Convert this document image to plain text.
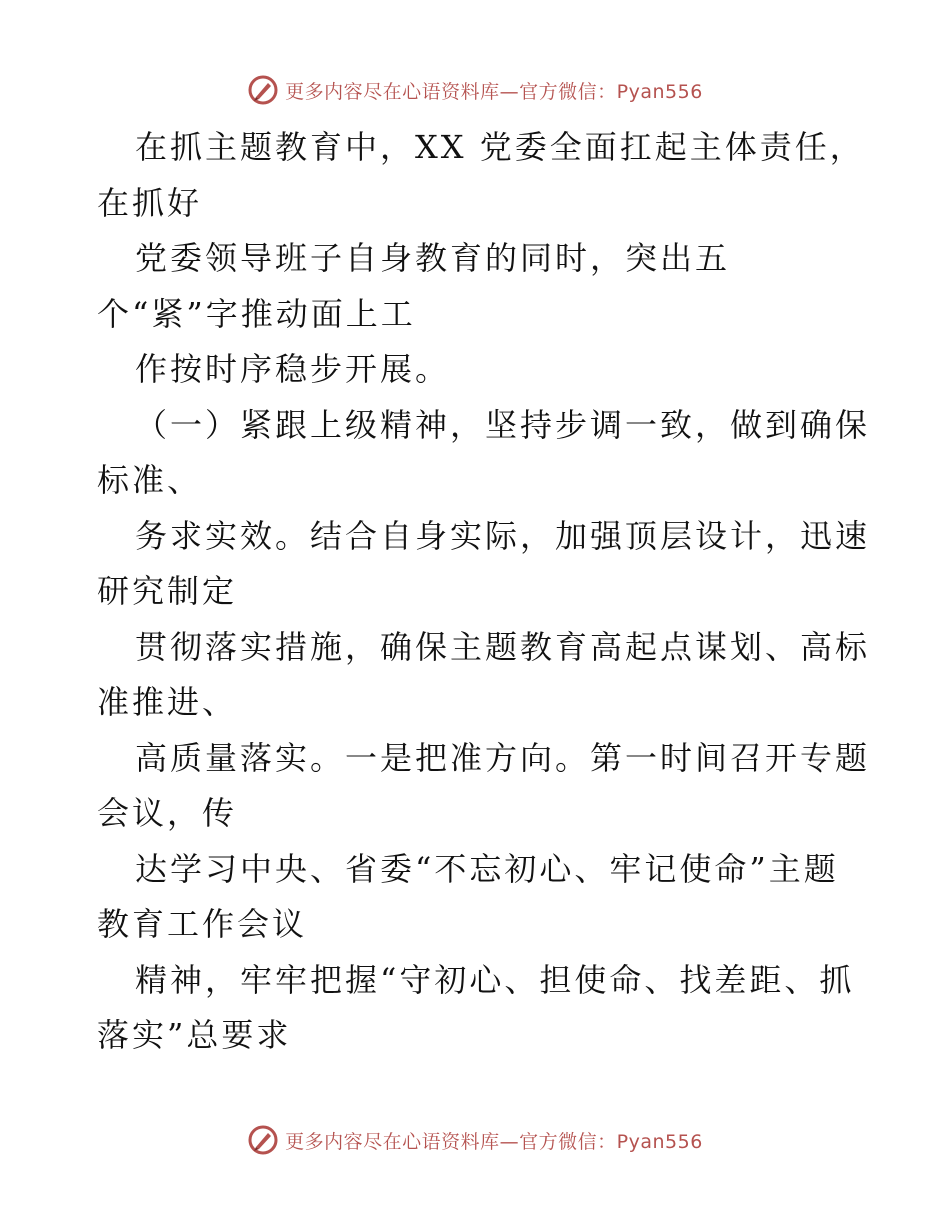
更多内容尽在心语资料库—官方微信：Pyan556
在抓主题教育中，XX 党委全面扛起主体责任，
在抓好
党委领导班子自身教育的同时，突出五
个“紧”字推动面上工
作按时序稳步开展。
（一）紧跟上级精神，坚持步调一致，做到确保
标准、
务求实效。结合自身实际，加强顶层设计，迅速
研究制定
贯彻落实措施，确保主题教育高起点谋划、高标
准推进、
高质量落实。一是把准方向。第一时间召开专题
会议，传
达学习中央、省委“不忘初心、牢记使命”主题
教育工作会议
精神，牢牢把握“守初心、担使命、找差距、抓
落实”总要求
更多内容尽在心语资料库—官方微信：Pyan556
